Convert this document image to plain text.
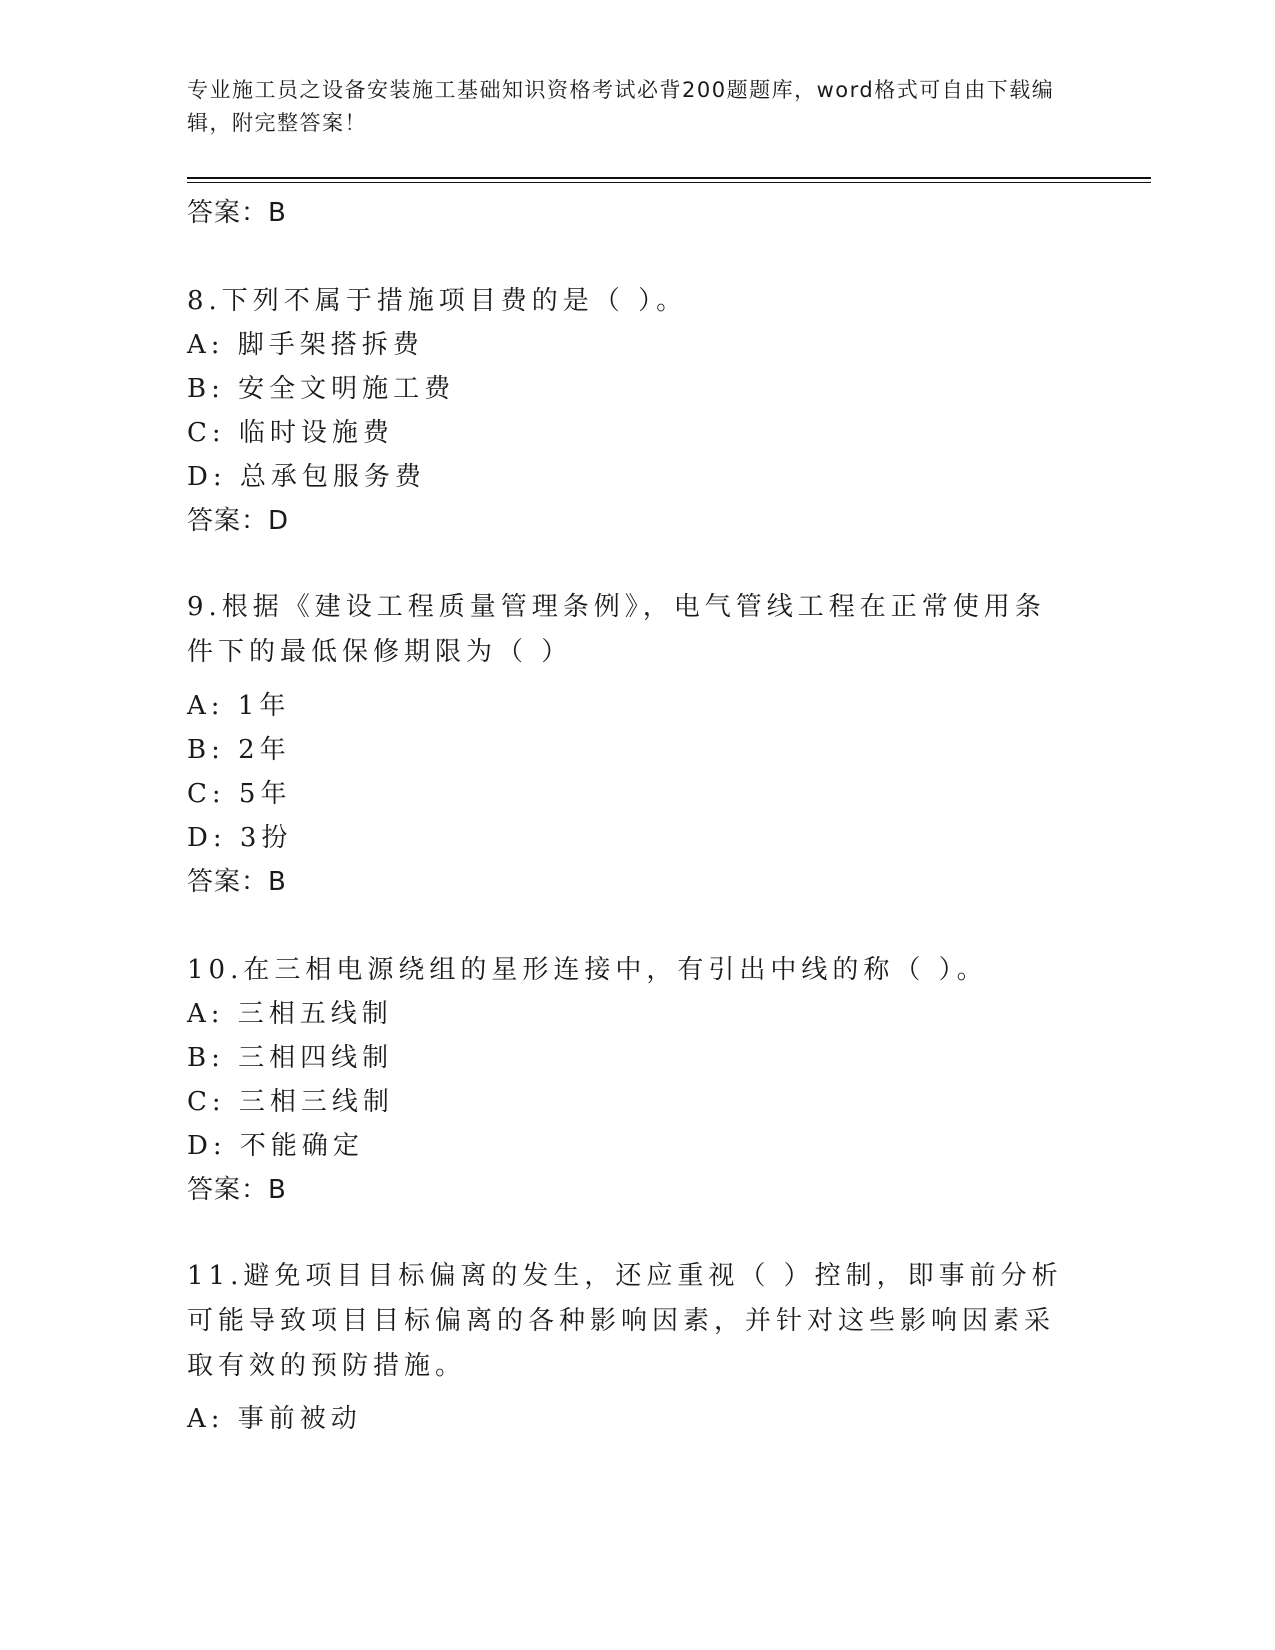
专业施工员之设备安装施工基础知识资格考试必背200题题库，word格式可自由下载编辑，附完整答案！
答案：B
8.下列不属于措施项目费的是（ ）。
A: 脚手架搭拆费
B: 安全文明施工费
C: 临时设施费
D: 总承包服务费
答案：D
9.根据《建设工程质量管理条例》，电气管线工程在正常使用条件下的最低保修期限为（ ）
A: 1年
B: 2年
C: 5年
D: 3扮
答案：B
10.在三相电源绕组的星形连接中，有引出中线的称（ ）。
A: 三相五线制
B: 三相四线制
C: 三相三线制
D: 不能确定
答案：B
11.避免项目目标偏离的发生，还应重视（ ）控制，即事前分析可能导致项目目标偏离的各种影响因素，并针对这些影响因素采取有效的预防措施。
A: 事前被动
